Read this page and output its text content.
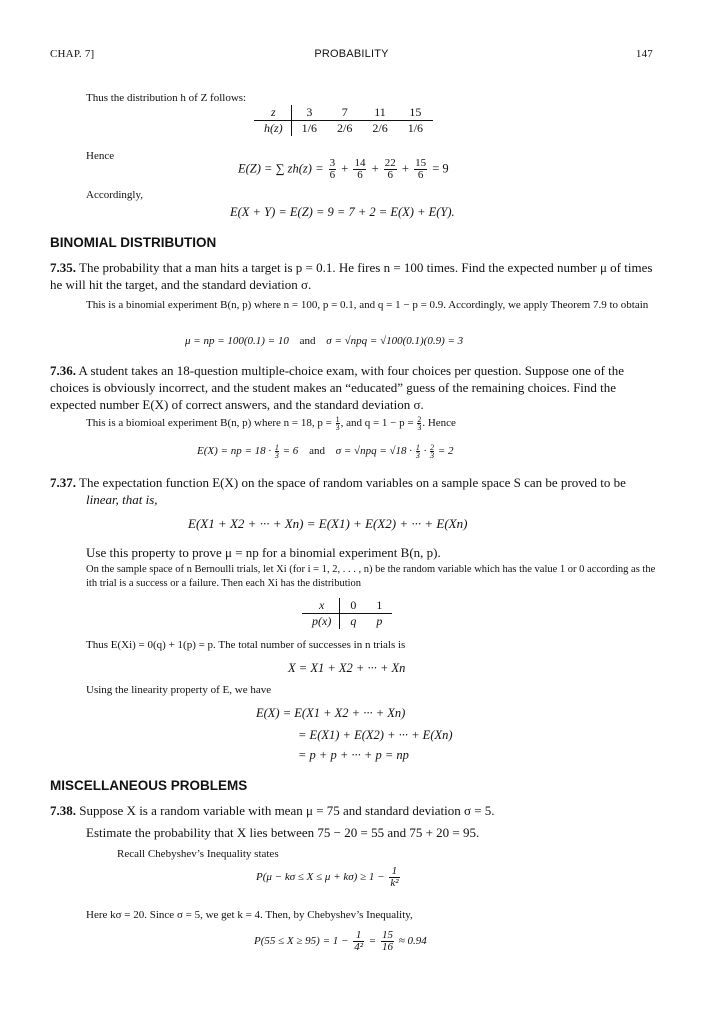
CHAP. 7]	PROBABILITY	147
Thus the distribution h of Z follows:
z	3	7	11	15
h(z)	1/6	2/6	2/6	1/6
Hence
E(Z) = ∑ $zh(z) = \frac{3}{6} + \frac{14}{6} + \frac{22}{6} + \frac{15}{6} = 9$
Accordingly,
E(X + Y) = E(Z) = 9 = 7 + 2 = E(X) + E(Y).
BINOMIAL DISTRIBUTION
7.35. The probability that a man hits a target is p = 0.1. He fires n = 100 times. Find the expected number μ of times he will hit the target, and the standard deviation σ.
This is a binomial experiment B(n, p) where n = 100, p = 0.1, and q = 1 − p = 0.9. Accordingly, we apply Theorem 7.9 to obtain
μ = np = 100(0.1) = 10 and σ = √npq = √100(0.1)(0.9) = 3
7.36. A student takes an 18-question multiple-choice exam, with four choices per question. Suppose one of the choices is obviously incorrect, and the student makes an “educated” guess of the remaining choices. Find the expected number E(X) of correct answers, and the standard deviation σ.
This is a biomioal experiment B(n, p) where n = 18, $p = \frac{1}{3}$ , and $q = 1 - p = \frac{2}{3}$ . Hence
E(X) = np = $18 \cdot \frac{1}{3} = 6$ and $\sigma = √npq = √18 \cdot \frac{1}{3} \cdot \frac{2}{3} = 2$
7.37. The expectation function E(X) on the space of random variables on a sample space S can be proved to be
linear, that is,
E(X1 + X2 + ··· + Xn) = E(X1) + E(X2) + ··· + E(Xn)
Use this property to prove μ = np for a binomial experiment B(n, p).
On the sample space of n Bernoulli trials, let Xi (for i = 1, 2, . . . , n) be the random variable which has the value 1 or 0 according as the ith trial is a success or a failure. Then each Xi has the distribution
x	0	1
p(x)	q	p
Thus E(Xi) = 0(q) + 1(p) = p. The total number of successes in n trials is
X = X1 + X2 + ··· + Xn
Using the linearity property of E, we have
E(X) = E(X1 + X2 + ··· + Xn)
= E(X1) + E(X2) + ··· + E(Xn)
= p + p + ··· + p = np
MISCELLANEOUS PROBLEMS
7.38. Suppose X is a random variable with mean μ = 75 and standard deviation σ = 5.
Estimate the probability that X lies between 75 − 20 = 55 and 75 + 20 = 95.
Recall Chebyshev’s Inequality states
$P(\mu - k\sigma \le X \le \mu + k\sigma) \ge 1 - \frac{1}{\text{k²}}$
Here kσ = 20. Since σ = 5, we get k = 4. Then, by Chebyshev’s Inequality,
$P(55 \le X \ge 95) = 1 - \frac{1}{\text{4²}} = \frac{15}{16} \approx 0.94$
